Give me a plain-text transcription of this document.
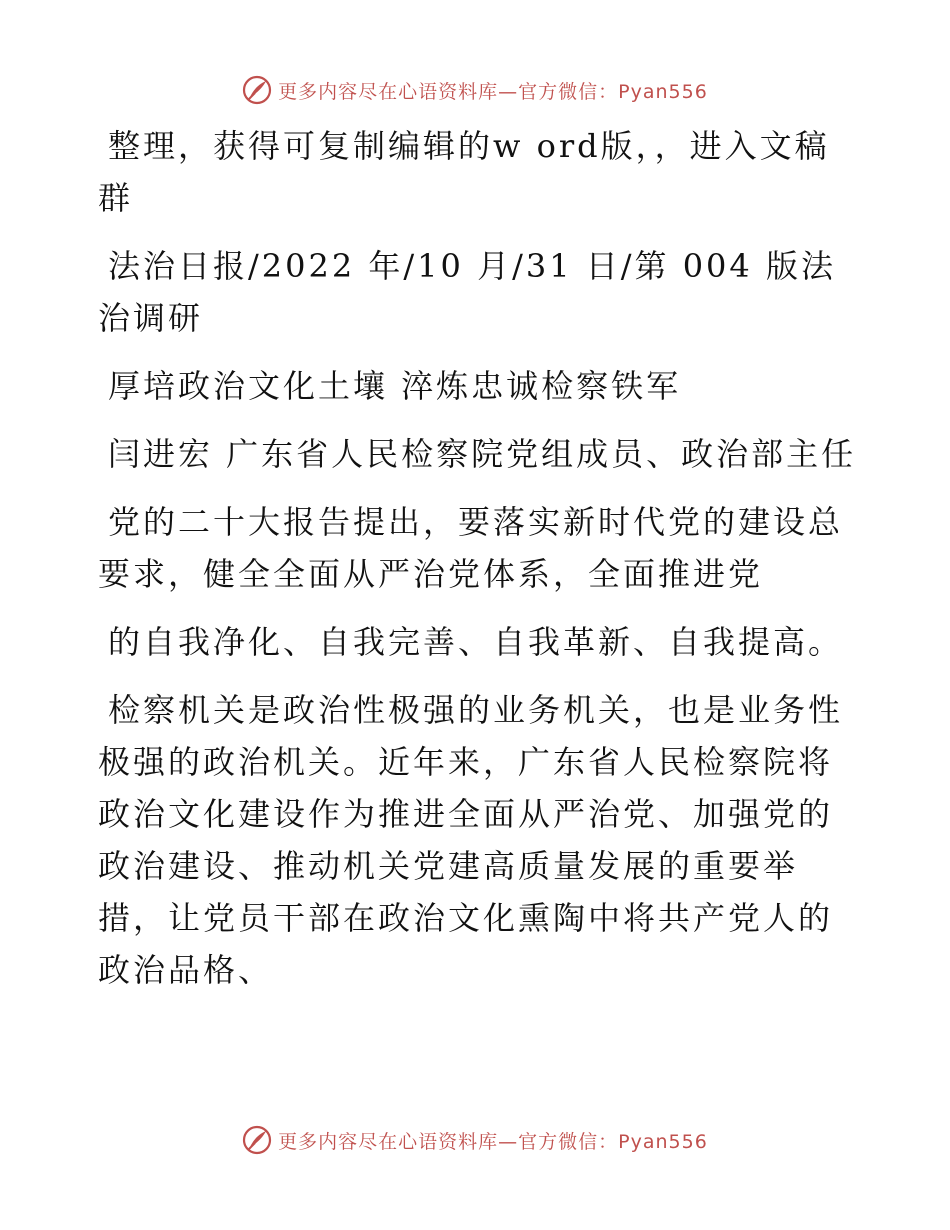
更多内容尽在心语资料库—官方微信：Pyan556

整理，获得可复制编辑的w ord版，，进入文稿群

法治日报/2022 年/10 月/31 日/第 004 版法治调研

厚培政治文化土壤 淬炼忠诚检察铁军

闫进宏 广东省人民检察院党组成员、政治部主任

党的二十大报告提出，要落实新时代党的建设总要求，健全全面从严治党体系，全面推进党

的自我净化、自我完善、自我革新、自我提高。

检察机关是政治性极强的业务机关，也是业务性极强的政治机关。近年来，广东省人民检察院将政治文化建设作为推进全面从严治党、加强党的政治建设、推动机关党建高质量发展的重要举措，让党员干部在政治文化熏陶中将共产党人的政治品格、

更多内容尽在心语资料库—官方微信：Pyan556
